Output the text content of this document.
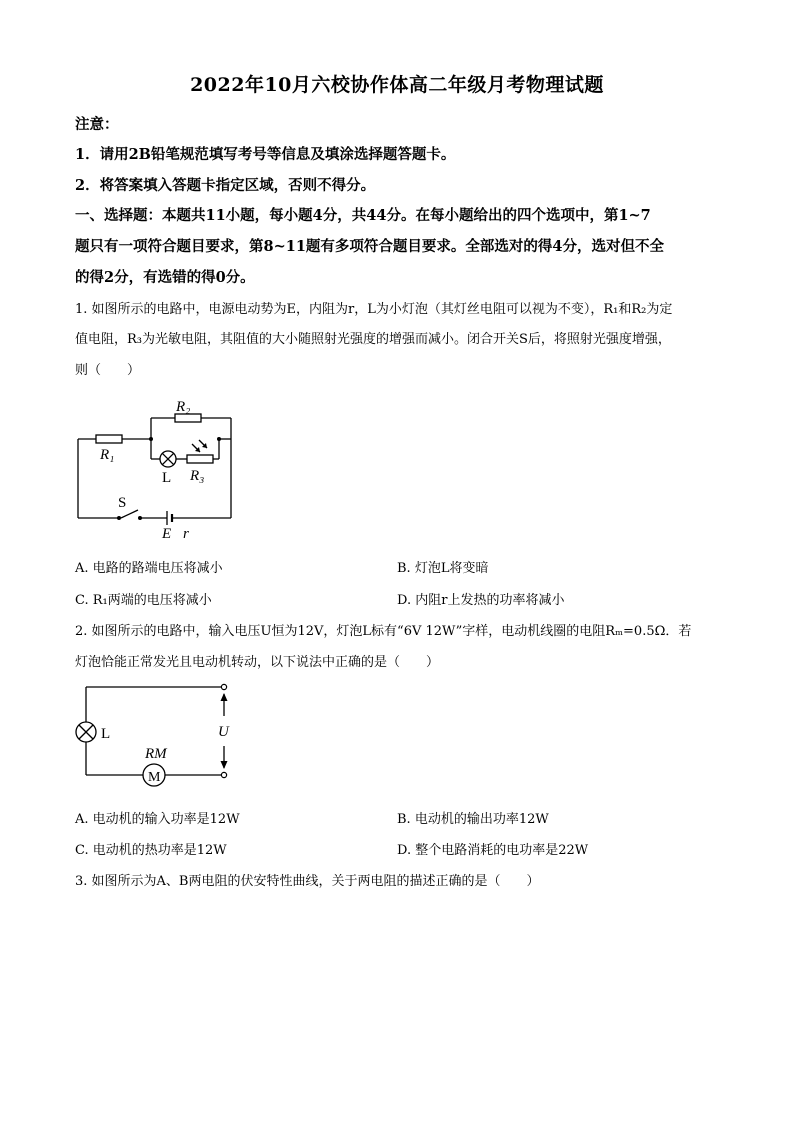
2022年10月六校协作体高二年级月考物理试题
注意：
1．请用2B铅笔规范填写考号等信息及填涂选择题答题卡。
2．将答案填入答题卡指定区域，否则不得分。
一、选择题：本题共11小题，每小题4分，共44分。在每小题给出的四个选项中，第1~7
题只有一项符合题目要求，第8~11题有多项符合题目要求。全部选对的得4分，选对但不全
的得2分，有选错的得0分。
1. 如图所示的电路中，电源电动势为E，内阻为r，L为小灯泡（其灯丝电阻可以视为不变），R₁和R₂为定
值电阻，R₃为光敏电阻，其阻值的大小随照射光强度的增强而减小。闭合开关S后，将照射光强度增强，
则（　　）
R₂
R₁
L R₃
S
E r
A. 电路的路端电压将减小	B. 灯泡L将变暗
C. R₁两端的电压将减小	D. 内阻r上发热的功率将减小
2. 如图所示的电路中，输入电压U恒为12V，灯泡L标有“6V 12W”字样，电动机线圈的电阻Rₘ=0.5Ω．若
灯泡恰能正常发光且电动机转动，以下说法中正确的是（　　）
L	U
RM
M
A. 电动机的输入功率是12W	B. 电动机的输出功率12W
C. 电动机的热功率是12W	D. 整个电路消耗的电功率是22W
3. 如图所示为A、B两电阻的伏安特性曲线，关于两电阻的描述正确的是（　　）
